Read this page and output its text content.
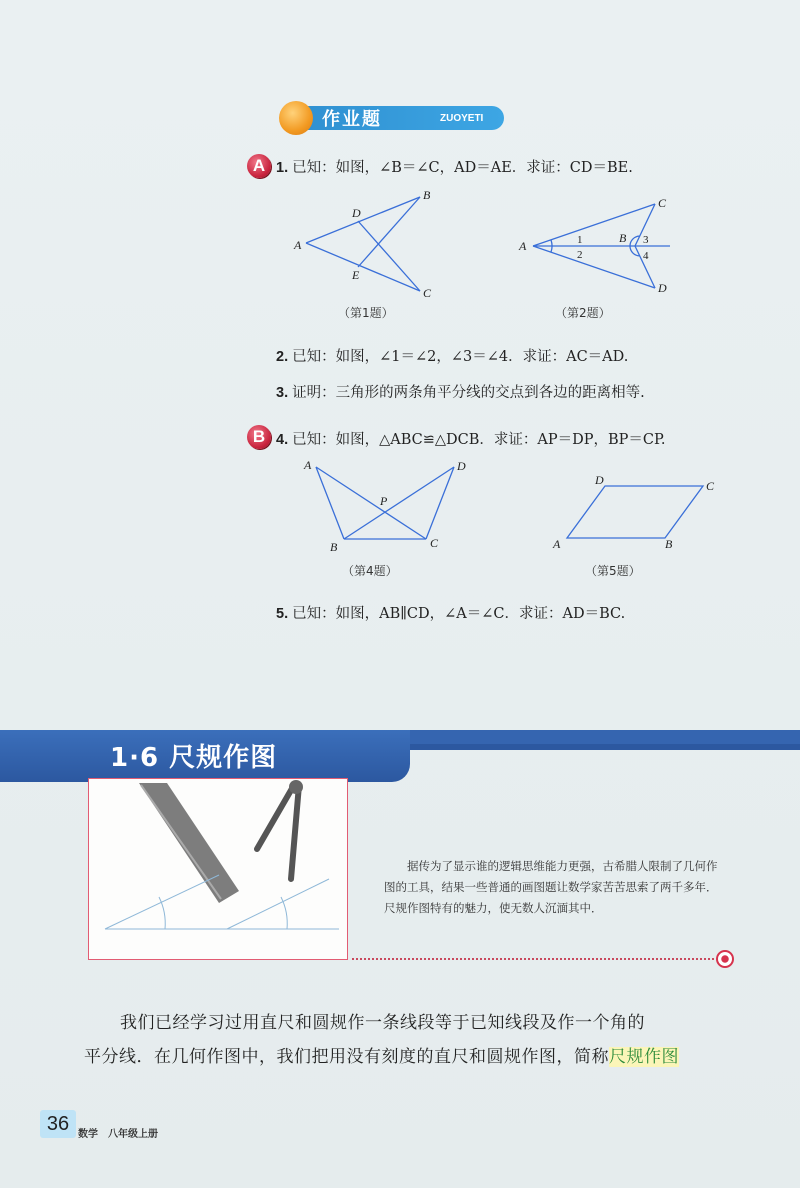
作业题	ZUOYETI
A 1. 已知：如图，∠B＝∠C，AD＝AE．求证：CD＝BE.
A
B
C
D
E
（第1题）
A
B
C
D
1
2
3
4
（第2题）
2. 已知：如图，∠1＝∠2，∠3＝∠4．求证：AC＝AD.
3. 证明：三角形的两条角平分线的交点到各边的距离相等.
B 4. 已知：如图，△ABC≌△DCB．求证：AP＝DP，BP＝CP.
A
B	C
D
P
（第4题）
A	B
C
D
（第5题）
5. 已知：如图，AB∥CD，∠A＝∠C．求证：AD＝BC.
1·6 尺规作图
据传为了显示谁的逻辑思维能力更强，古希腊人限制了几何作图的工具，结果一些普通的画图题让数学家苦苦思索了两千多年．尺规作图特有的魅力，使无数人沉湎其中．
我们已经学习过用直尺和圆规作一条线段等于已知线段及作一个角的
平分线．在几何作图中，我们把用没有刻度的直尺和圆规作图，简称尺规作图
36 数学　八年级上册
